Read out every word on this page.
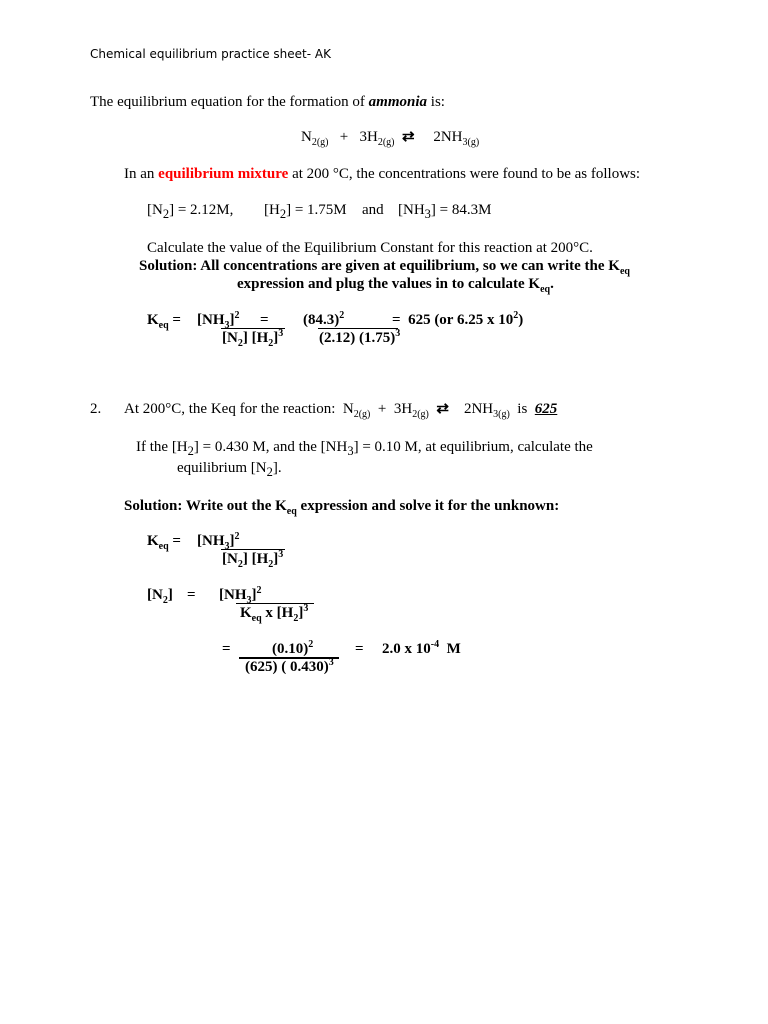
Chemical equilibrium practice sheet- AK
The equilibrium equation for the formation of ammonia is:
$N_{2(g)} + 3H_{2(g)}$ ⇄ $2NH_{3(g)}$
In an equilibrium mixture at 200 °C, the concentrations were found to be as follows:
$[N_2] = 2.12M$, $[H_2] = 1.75M$ and $[NH_3] = 84.3M$
Calculate the value of the Equilibrium Constant for this reaction at 200°C.
Solution: All concentrations are given at equilibrium, so we can write the $K_{eq}$
expression and plug the values in to calculate $K_{eq}$.
$K_{eq} = [NH_3]^2$ =
$[N_2]$ $[H_2]^3$
$(84.3)^2$
(2.12) $(1.75)^3$
= 625 (or 6.25 x $10^2$)
2. At 200°C, the Keq for the reaction: $N_{2(g)} + 3H_{2(g)}$ ⇄ $2NH_{3(g)}$ is 625
If the $[H_2] = 0.430$ M, and the $[NH_3] = 0.10$ M, at equilibrium, calculate the
equilibrium $[N_2]$.
Solution: Write out the $K_{eq}$ expression and solve it for the unknown:
$K_{eq} = [NH_3]^2$
$[N_2]$ $[H_2]^3$
$[N_2] = [NH_3]^2$
$K_{eq}$ x $[H_2]^3$
=	$(0.10)^2$
(625) ( 0.430)$^3$
= 2.0 x $10^{-4}$  M
